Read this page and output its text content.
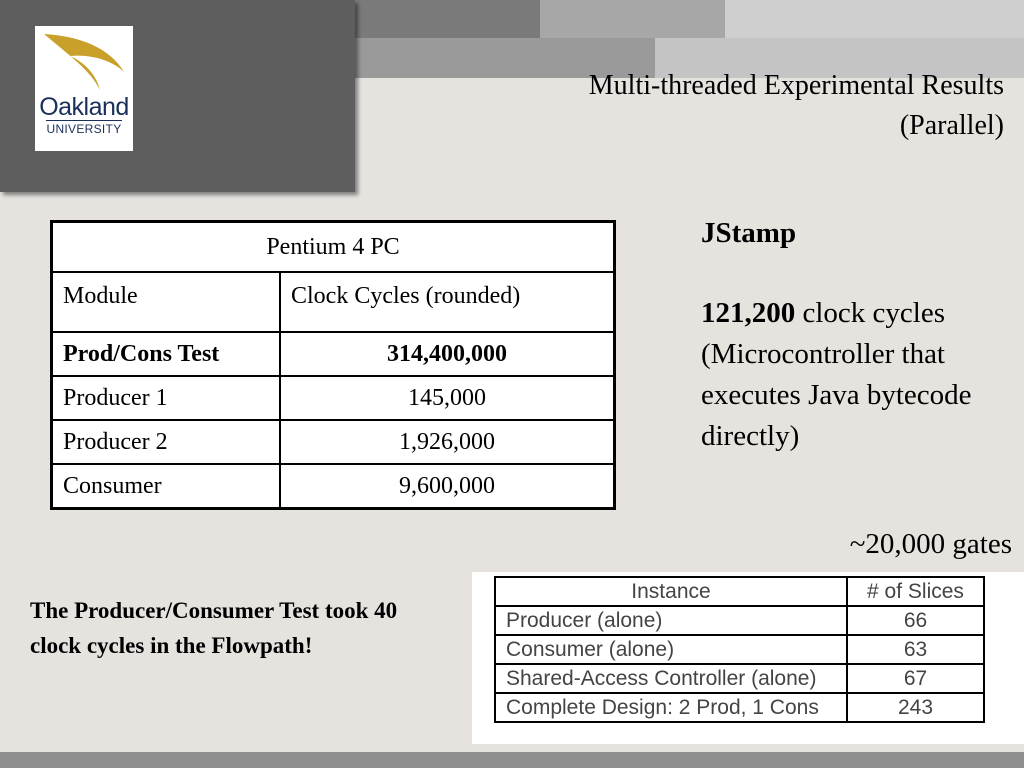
Oakland
UNIVERSITY
Multi-threaded Experimental Results
(Parallel)
Pentium 4 PC	
Module	Clock Cycles (rounded)
Prod/Cons Test	314,400,000
Producer 1	145,000
Producer 2	1,926,000
Consumer	9,600,000
JStamp
121,200 clock cycles (Microcontroller that executes Java bytecode directly)
~20,000 gates
The Producer/Consumer Test took 40
clock cycles in the Flowpath!
Instance	# of Slices
Producer (alone)	66
Consumer (alone)	63
Shared-Access Controller (alone)	67
Complete Design: 2 Prod, 1 Cons	243
